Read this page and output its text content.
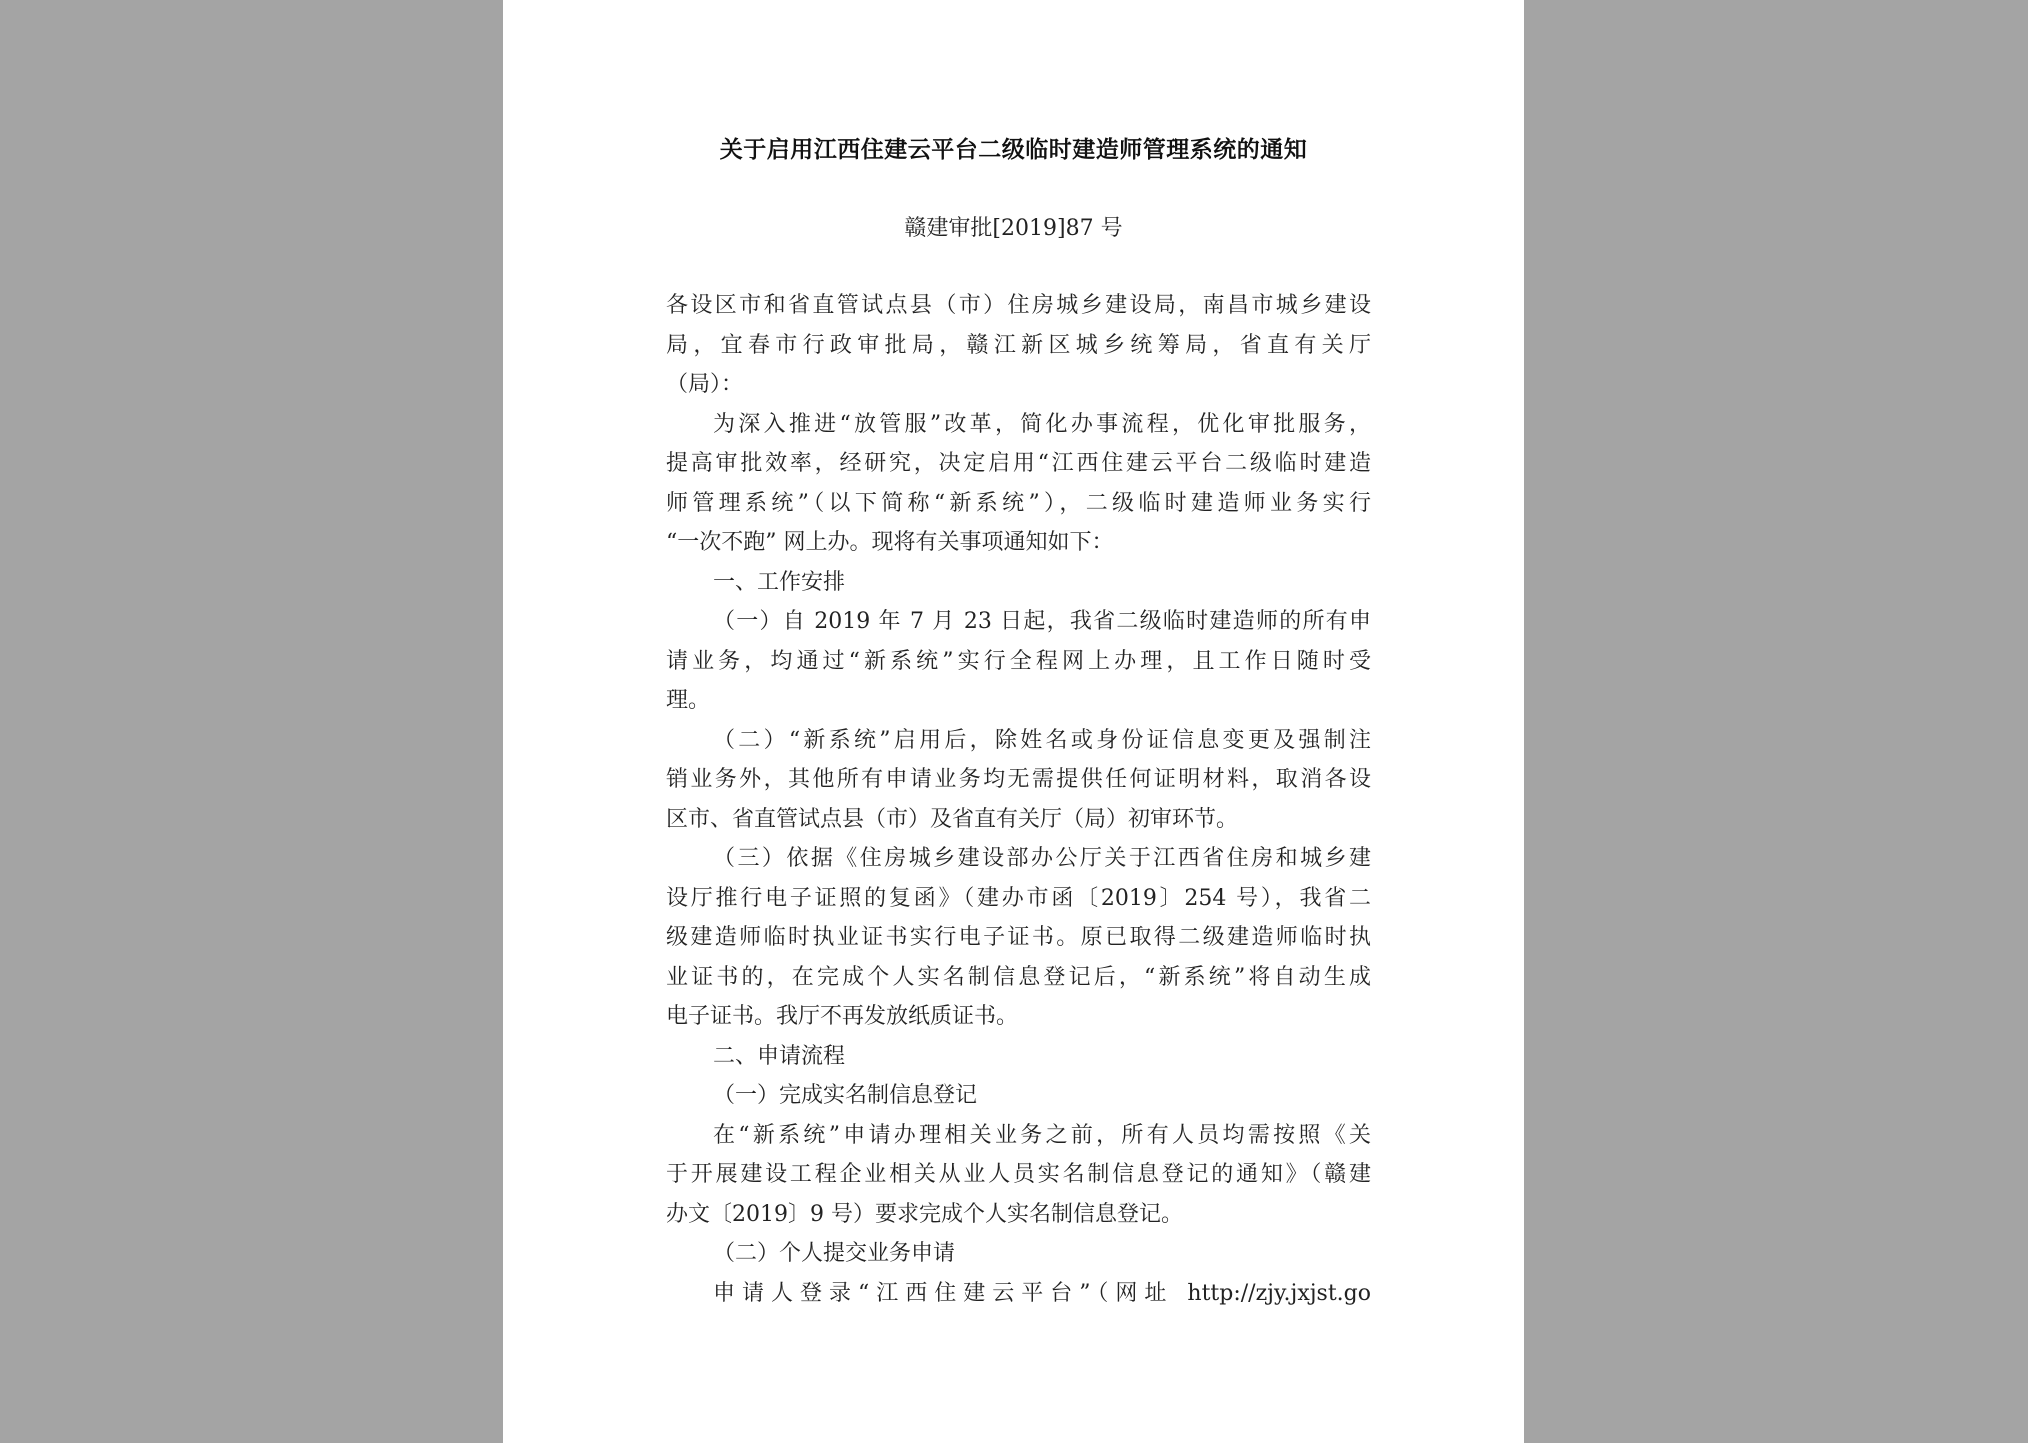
关于启用江西住建云平台二级临时建造师管理系统的通知
赣建审批[2019]87 号
各设区市和省直管试点县（市）住房城乡建设局，南昌市城乡建设
局，宜春市行政审批局，赣江新区城乡统筹局，省直有关厅
（局）：
为深入推进“放管服”改革，简化办事流程，优化审批服务，
提高审批效率，经研究，决定启用“江西住建云平台二级临时建造
师管理系统”（以下简称“新系统”），二级临时建造师业务实行
“一次不跑” 网上办。现将有关事项通知如下：
一、工作安排
（一）自 2019 年 7 月 23 日起，我省二级临时建造师的所有申
请业务，均通过“新系统”实行全程网上办理，且工作日随时受
理。
（二）“新系统”启用后，除姓名或身份证信息变更及强制注
销业务外，其他所有申请业务均无需提供任何证明材料，取消各设
区市、省直管试点县（市）及省直有关厅（局）初审环节。
（三）依据《住房城乡建设部办公厅关于江西省住房和城乡建
设厅推行电子证照的复函》（建办市函〔2019〕254 号），我省二
级建造师临时执业证书实行电子证书。原已取得二级建造师临时执
业证书的，在完成个人实名制信息登记后，“新系统”将自动生成
电子证书。我厅不再发放纸质证书。
二、申请流程
（一）完成实名制信息登记
在“新系统”申请办理相关业务之前，所有人员均需按照《关
于开展建设工程企业相关从业人员实名制信息登记的通知》（赣建
办文〔2019〕9 号）要求完成个人实名制信息登记。
（二）个人提交业务申请
申请人登录“江西住建云平台”（网址 http://zjy.jxjst.go
